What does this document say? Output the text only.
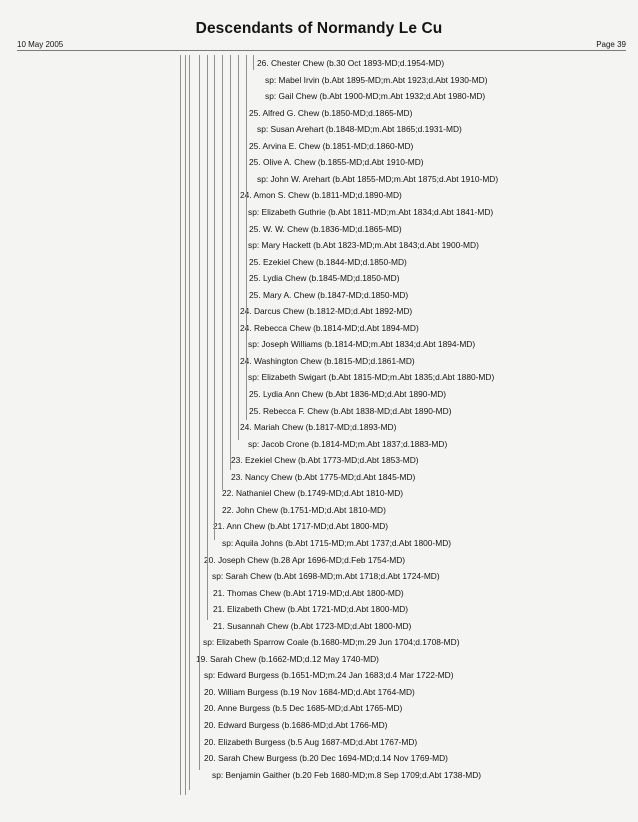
Descendants of Normandy Le Cu
10 May 2005	Page 39
26. Chester Chew (b.30 Oct 1893-MD;d.1954-MD)
sp: Mabel Irvin (b.Abt 1895-MD;m.Abt 1923;d.Abt 1930-MD)
sp: Gail Chew (b.Abt 1900-MD;m.Abt 1932;d.Abt 1980-MD)
25. Alfred G. Chew (b.1850-MD;d.1865-MD)
sp: Susan Arehart (b.1848-MD;m.Abt 1865;d.1931-MD)
25. Arvina E. Chew (b.1851-MD;d.1860-MD)
25. Olive A. Chew (b.1855-MD;d.Abt 1910-MD)
sp: John W. Arehart (b.Abt 1855-MD;m.Abt 1875;d.Abt 1910-MD)
24. Amon S. Chew (b.1811-MD;d.1890-MD)
sp: Elizabeth Guthrie (b.Abt 1811-MD;m.Abt 1834;d.Abt 1841-MD)
25. W. W. Chew (b.1836-MD;d.1865-MD)
sp: Mary Hackett (b.Abt 1823-MD;m.Abt 1843;d.Abt 1900-MD)
25. Ezekiel Chew (b.1844-MD;d.1850-MD)
25. Lydia Chew (b.1845-MD;d.1850-MD)
25. Mary A. Chew (b.1847-MD;d.1850-MD)
24. Darcus Chew (b.1812-MD;d.Abt 1892-MD)
24. Rebecca Chew (b.1814-MD;d.Abt 1894-MD)
sp: Joseph Williams (b.1814-MD;m.Abt 1834;d.Abt 1894-MD)
24. Washington Chew (b.1815-MD;d.1861-MD)
sp: Elizabeth Swigart (b.Abt 1815-MD;m.Abt 1835;d.Abt 1880-MD)
25. Lydia Ann Chew (b.Abt 1836-MD;d.Abt 1890-MD)
25. Rebecca F. Chew (b.Abt 1838-MD;d.Abt 1890-MD)
24. Mariah Chew (b.1817-MD;d.1893-MD)
sp: Jacob Crone (b.1814-MD;m.Abt 1837;d.1883-MD)
23. Ezekiel Chew (b.Abt 1773-MD;d.Abt 1853-MD)
23. Nancy Chew (b.Abt 1775-MD;d.Abt 1845-MD)
22. Nathaniel Chew (b.1749-MD;d.Abt 1810-MD)
22. John Chew (b.1751-MD;d.Abt 1810-MD)
21. Ann Chew (b.Abt 1717-MD;d.Abt 1800-MD)
sp: Aquila Johns (b.Abt 1715-MD;m.Abt 1737;d.Abt 1800-MD)
20. Joseph Chew (b.28 Apr 1696-MD;d.Feb 1754-MD)
sp: Sarah Chew (b.Abt 1698-MD;m.Abt 1718;d.Abt 1724-MD)
21. Thomas Chew (b.Abt 1719-MD;d.Abt 1800-MD)
21. Elizabeth Chew (b.Abt 1721-MD;d.Abt 1800-MD)
21. Susannah Chew (b.Abt 1723-MD;d.Abt 1800-MD)
sp: Elizabeth Sparrow Coale (b.1680-MD;m.29 Jun 1704;d.1708-MD)
19. Sarah Chew (b.1662-MD;d.12 May 1740-MD)
sp: Edward Burgess (b.1651-MD;m.24 Jan 1683;d.4 Mar 1722-MD)
20. William Burgess (b.19 Nov 1684-MD;d.Abt 1764-MD)
20. Anne Burgess (b.5 Dec 1685-MD;d.Abt 1765-MD)
20. Edward Burgess (b.1686-MD;d.Abt 1766-MD)
20. Elizabeth Burgess (b.5 Aug 1687-MD;d.Abt 1767-MD)
20. Sarah Chew Burgess (b.20 Dec 1694-MD;d.14 Nov 1769-MD)
sp: Benjamin Gaither (b.20 Feb 1680-MD;m.8 Sep 1709;d.Abt 1738-MD)
